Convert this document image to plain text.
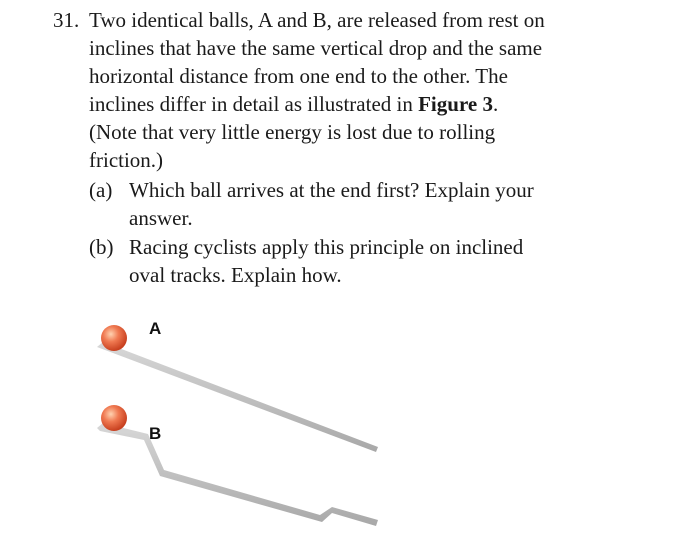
31. Two identical balls, A and B, are released from rest on
inclines that have the same vertical drop and the same
horizontal distance from one end to the other. The
inclines differ in detail as illustrated in Figure 3.
(Note that very little energy is lost due to rolling
friction.)
(a) Which ball arrives at the end first? Explain your
answer.
(b) Racing cyclists apply this principle on inclined
oval tracks. Explain how.
A
B
